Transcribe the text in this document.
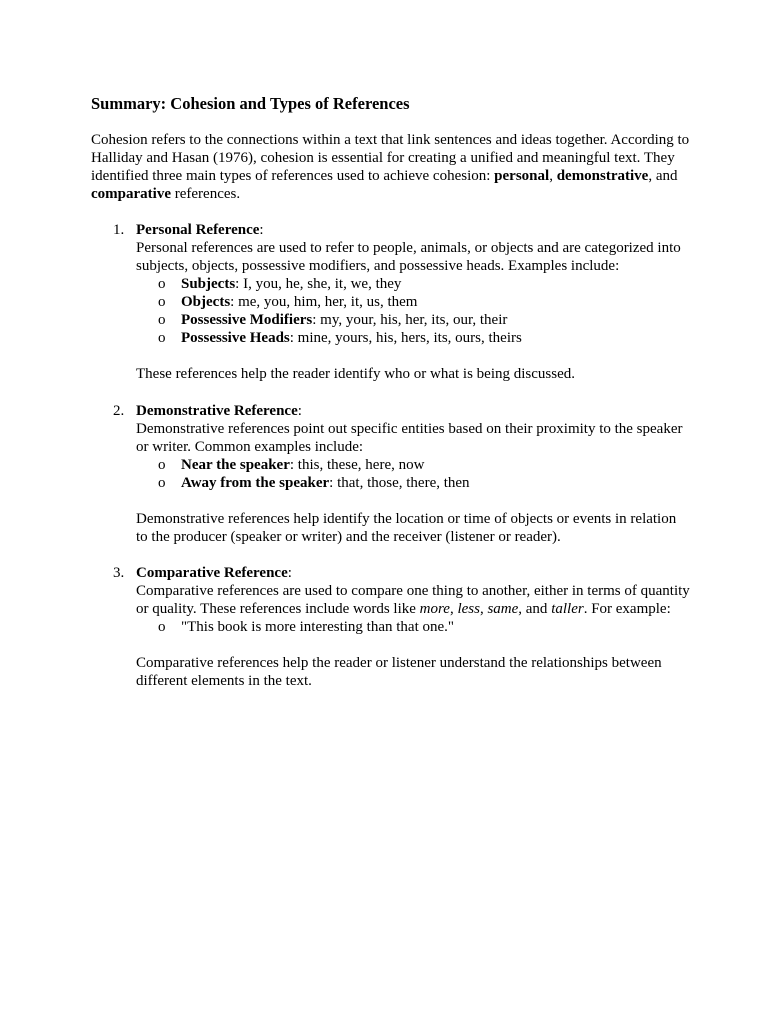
Summary: Cohesion and Types of References

Cohesion refers to the connections within a text that link sentences and ideas together. According to Halliday and Hasan (1976), cohesion is essential for creating a unified and meaningful text. They identified three main types of references used to achieve cohesion: personal, demonstrative, and comparative references.

1. Personal Reference:

Personal references are used to refer to people, animals, or objects and are categorized into subjects, objects, possessive modifiers, and possessive heads. Examples include:

o Subjects: I, you, he, she, it, we, they
o Objects: me, you, him, her, it, us, them
o Possessive Modifiers: my, your, his, her, its, our, their
o Possessive Heads: mine, yours, his, hers, its, ours, theirs

These references help the reader identify who or what is being discussed.

2. Demonstrative Reference:

Demonstrative references point out specific entities based on their proximity to the speaker or writer. Common examples include:

o Near the speaker: this, these, here, now
o Away from the speaker: that, those, there, then

Demonstrative references help identify the location or time of objects or events in relation to the producer (speaker or writer) and the receiver (listener or reader).

3. Comparative Reference:

Comparative references are used to compare one thing to another, either in terms of quantity or quality. These references include words like more, less, same, and taller. For example:

o "This book is more interesting than that one."

Comparative references help the reader or listener understand the relationships between different elements in the text.
